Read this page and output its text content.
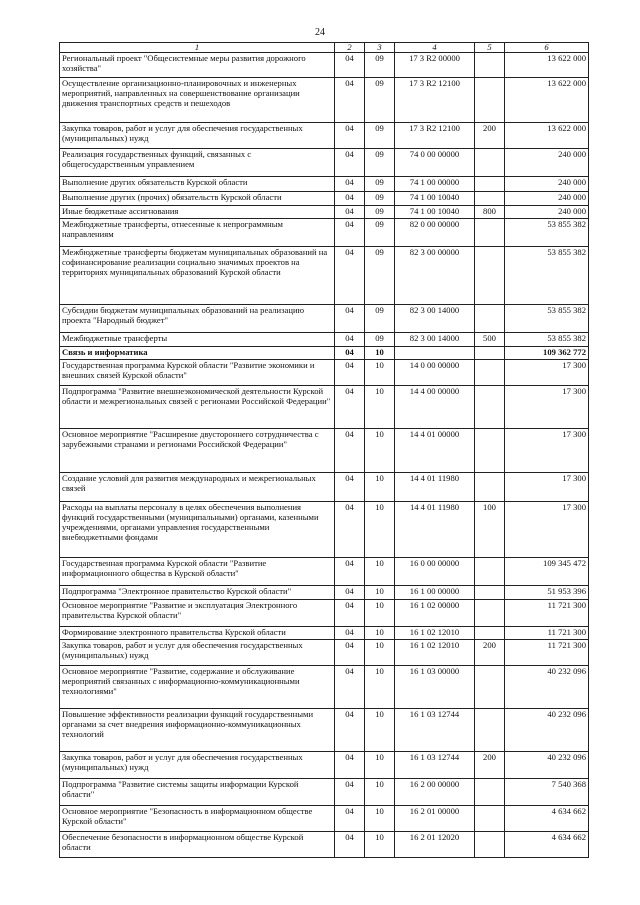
24
1	2	3	4	5	6
Региональный проект "Общесистемные меры развития дорожного хозяйства"	04	09	17 3 R2 00000		13 622 000
Осуществление организационно-планировочных и инженерных мероприятий, направленных на совершенствование организации движения транспортных средств и пешеходов	04	09	17 3 R2 12100		13 622 000
Закупка товаров, работ и услуг для обеспечения государственных (муниципальных) нужд	04	09	17 3 R2 12100	200	13 622 000
Реализация государственных функций, связанных с общегосударственным управлением	04	09	74 0 00 00000		240 000
Выполнение других обязательств Курской области	04	09	74 1 00 00000		240 000
Выполнение других (прочих) обязательств Курской области	04	09	74 1 00 10040		240 000
Иные бюджетные ассигнования	04	09	74 1 00 10040	800	240 000
Межбюджетные трансферты, отнесенные к непрограммным направлениям	04	09	82 0 00 00000		53 855 382
Межбюджетные трансферты бюджетам муниципальных образований на софинансирование реализации социально значимых проектов на территориях муниципальных образований Курской области	04	09	82 3 00 00000		53 855 382
Субсидии бюджетам муниципальных образований на реализацию проекта "Народный бюджет"	04	09	82 3 00 14000		53 855 382
Межбюджетные трансферты	04	09	82 3 00 14000	500	53 855 382
Связь и информатика	04	10			109 362 772
Государственная программа Курской области "Развитие экономики и внешних связей Курской области"	04	10	14 0 00 00000		17 300
Подпрограмма "Развитие внешнеэкономической деятельности Курской области и межрегиональных связей с регионами Российской Федерации"	04	10	14 4 00 00000		17 300
Основное мероприятие "Расширение двустороннего сотрудничества с зарубежными странами и регионами Российской Федерации"	04	10	14 4 01 00000		17 300
Создание условий для развития международных и межрегиональных связей	04	10	14 4 01 11980		17 300
Расходы на выплаты персоналу в целях обеспечения выполнения функций государственными (муниципальными) органами, казенными учреждениями, органами управления государственными внебюджетными фондами	04	10	14 4 01 11980	100	17 300
Государственная программа Курской области "Развитие информационного общества в Курской области"	04	10	16 0 00 00000		109 345 472
Подпрограмма "Электронное правительство Курской области"	04	10	16 1 00 00000		51 953 396
Основное мероприятие "Развитие и эксплуатация Электронного правительства Курской области"	04	10	16 1 02 00000		11 721 300
Формирование электронного правительства Курской области	04	10	16 1 02 12010		11 721 300
Закупка товаров, работ и услуг для обеспечения государственных (муниципальных) нужд	04	10	16 1 02 12010	200	11 721 300
Основное мероприятие "Развитие, содержание и обслуживание мероприятий связанных с информационно-коммуникационными технологиями"	04	10	16 1 03 00000		40 232 096
Повышение эффективности реализации функций государственными органами за счет внедрения информационно-коммуникационных технологий	04	10	16 1 03 12744		40 232 096
Закупка товаров, работ и услуг для обеспечения государственных (муниципальных) нужд	04	10	16 1 03 12744	200	40 232 096
Подпрограмма "Развитие системы защиты информации Курской области"	04	10	16 2 00 00000		7 540 368
Основное мероприятие "Безопасность в информационном обществе Курской области"	04	10	16 2 01 00000		4 634 662
Обеспечение безопасности в информационном обществе Курской области	04	10	16 2 01 12020		4 634 662
